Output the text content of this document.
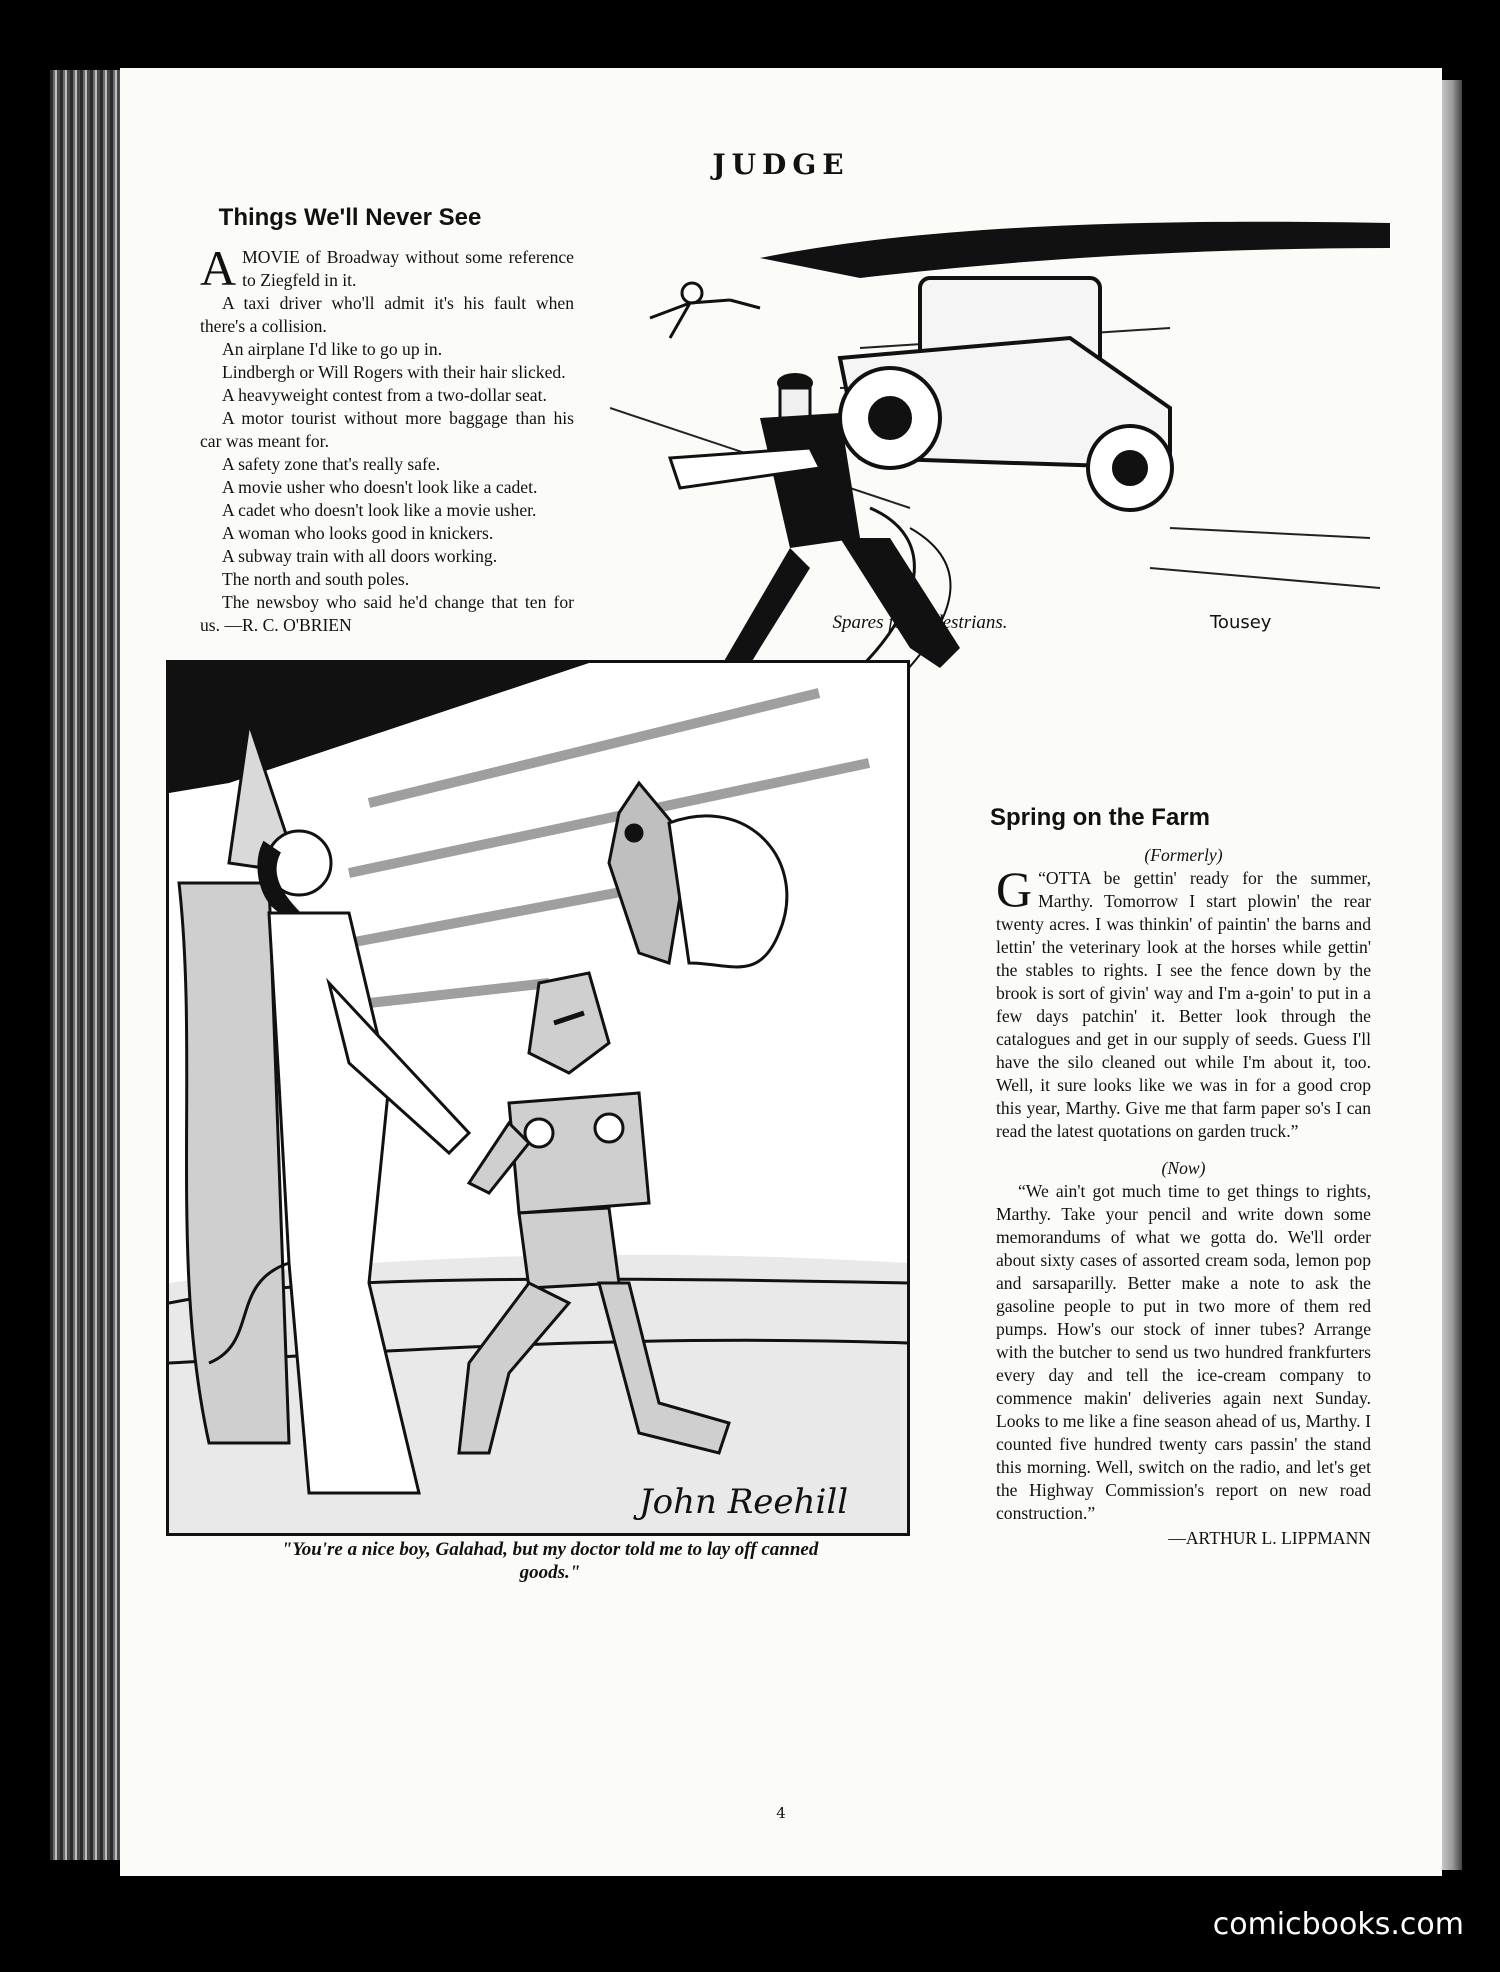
JUDGE
Things We'll Never See

AMOVIE of Broadway without some reference to Ziegfeld in it.

A taxi driver who'll admit it's his fault when there's a collision.

An airplane I'd like to go up in.

Lindbergh or Will Rogers with their hair slicked.

A heavyweight contest from a two-dollar seat.

A motor tourist without more baggage than his car was meant for.

A safety zone that's really safe.

A movie usher who doesn't look like a cadet.

A cadet who doesn't look like a movie usher.

A woman who looks good in knickers.

A subway train with all doors working.

The north and south poles.

The newsboy who said he'd change that ten for us. —R. C. O'BRIEN	Tousey
Spares for pedestrians.
John Reehill
"You're a nice boy, Galahad, but my doctor told me to lay off canned goods."
Spring on the Farm

(Formerly)

G “OTTA be gettin' ready for the summer, Marthy. Tomorrow I start plowin' the rear twenty acres. I was thinkin' of paintin' the barns and lettin' the veterinary look at the horses while gettin' the stables to rights. I see the fence down by the brook is sort of givin' way and I'm a-goin' to put in a few days patchin' it. Better look through the catalogues and get in our supply of seeds. Guess I'll have the silo cleaned out while I'm about it, too. Well, it sure looks like we was in for a good crop this year, Marthy. Give me that farm paper so's I can read the latest quotations on garden truck.”

(Now)

“We ain't got much time to get things to rights, Marthy. Take your pencil and write down some memorandums of what we gotta do. We'll order about sixty cases of assorted cream soda, lemon pop and sarsaparilly. Better make a note to ask the gasoline people to put in two more of them red pumps. How's our stock of inner tubes? Arrange with the butcher to send us two hundred frankfurters every day and tell the ice-cream company to commence makin' deliveries again next Sunday. Looks to me like a fine season ahead of us, Marthy. I counted five hundred twenty cars passin' the stand this morning. Well, switch on the radio, and let's get the Highway Commission's report on new road construction.”

—ARTHUR L. LIPPMANN
4
comicbooks.com
